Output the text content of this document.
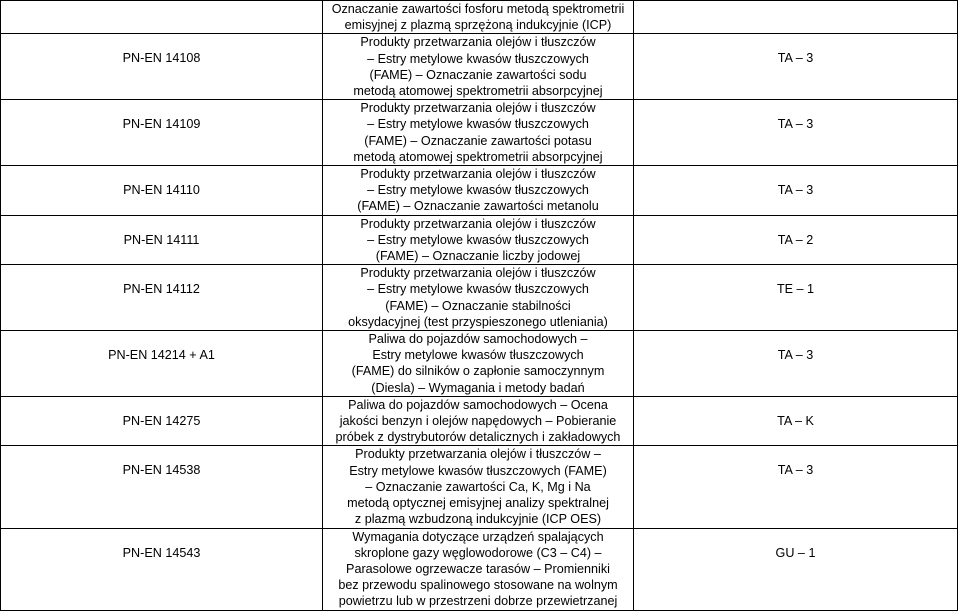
	Oznaczanie zawartości fosforu metodą spektrometrii
emisyjnej z plazmą sprzężoną indukcyjnie (ICP)	

PN-EN 14108	Produkty przetwarzania olejów i tłuszczów
– Estry metylowe kwasów tłuszczowych
(FAME) – Oznaczanie zawartości sodu
metodą atomowej spektrometrii absorpcyjnej	TA – 3

PN-EN 14109	Produkty przetwarzania olejów i tłuszczów
– Estry metylowe kwasów tłuszczowych
(FAME) – Oznaczanie zawartości potasu
metodą atomowej spektrometrii absorpcyjnej	TA – 3

PN-EN 14110	Produkty przetwarzania olejów i tłuszczów
– Estry metylowe kwasów tłuszczowych
(FAME) – Oznaczanie zawartości metanolu	TA – 3

PN-EN 14111	Produkty przetwarzania olejów i tłuszczów
– Estry metylowe kwasów tłuszczowych
(FAME) – Oznaczanie liczby jodowej	TA – 2

PN-EN 14112	Produkty przetwarzania olejów i tłuszczów
– Estry metylowe kwasów tłuszczowych
(FAME) – Oznaczanie stabilności
oksydacyjnej (test przyspieszonego utleniania)	TE – 1

PN-EN 14214 + A1	Paliwa do pojazdów samochodowych –
Estry metylowe kwasów tłuszczowych
(FAME) do silników o zapłonie samoczynnym
(Diesla) – Wymagania i metody badań	TA – 3

PN-EN 14275	Paliwa do pojazdów samochodowych – Ocena
jakości benzyn i olejów napędowych – Pobieranie
próbek z dystrybutorów detalicznych i zakładowych	TA – K

PN-EN 14538	Produkty przetwarzania olejów i tłuszczów –
Estry metylowe kwasów tłuszczowych (FAME)
– Oznaczanie zawartości Ca, K, Mg i Na
metodą optycznej emisyjnej analizy spektralnej
z plazmą wzbudzoną indukcyjnie (ICP OES)	TA – 3

PN-EN 14543	Wymagania dotyczące urządzeń spalających
skroplone gazy węglowodorowe (C3 – C4) –
Parasolowe ogrzewacze tarasów – Promienniki
bez przewodu spalinowego stosowane na wolnym
powietrzu lub w przestrzeni dobrze przewietrzanej	GU – 1
